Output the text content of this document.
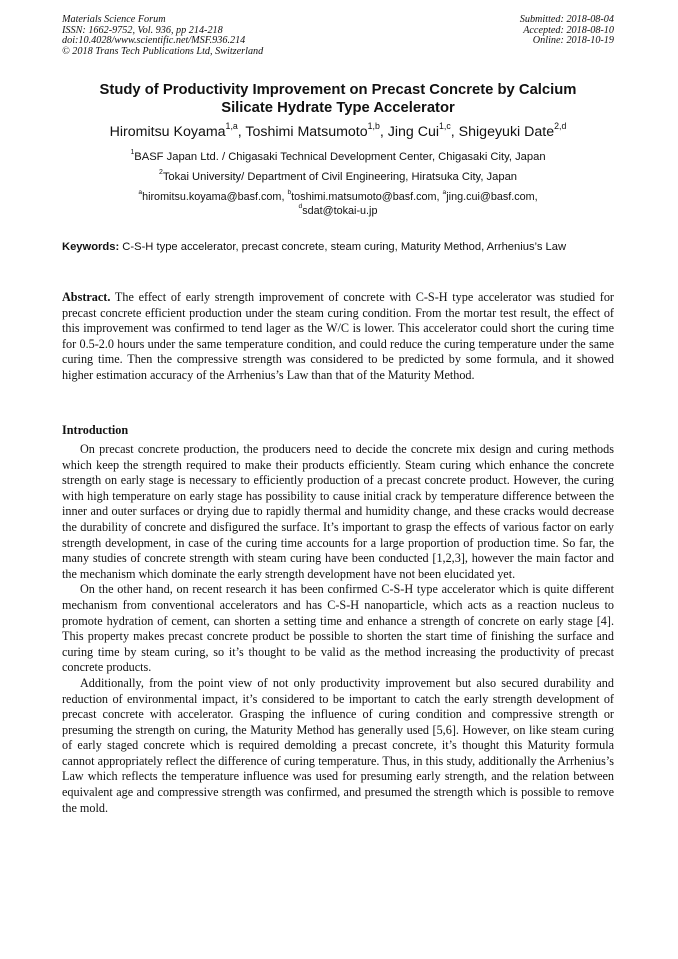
Materials Science Forum
ISSN: 1662-9752, Vol. 936, pp 214-218
doi:10.4028/www.scientific.net/MSF.936.214
© 2018 Trans Tech Publications Ltd, Switzerland
Submitted: 2018-08-04
Accepted: 2018-08-10
Online: 2018-10-19
Study of Productivity Improvement on Precast Concrete by Calcium
Silicate Hydrate Type Accelerator
Hiromitsu Koyama$^{1,a}$, Toshimi Matsumoto$^{1,b}$, Jing Cui$^{1,c}$, Shigeyuki Date$^{2,d}$
$^1$BASF Japan Ltd. / Chigasaki Technical Development Center, Chigasaki City, Japan
$^2$Tokai University/ Department of Civil Engineering, Hiratsuka City, Japan
$^a$hiromitsu.koyama@basf.com, $^b$toshimi.matsumoto@basf.com, $^a$jing.cui@basf.com,
$^d$sdat@tokai-u.jp
Keywords: C-S-H type accelerator, precast concrete, steam curing, Maturity Method, Arrhenius’s Law
Abstract. The effect of early strength improvement of concrete with C-S-H type accelerator was studied for precast concrete efficient production under the steam curing condition. From the mortar test result, the effect of this improvement was confirmed to tend lager as the W/C is lower. This accelerator could short the curing time for 0.5-2.0 hours under the same temperature condition, and could reduce the curing temperature under the same curing time. Then the compressive strength was considered to be predicted by some formula, and it showed higher estimation accuracy of the Arrhenius’s Law than that of the Maturity Method.
Introduction

On precast concrete production, the producers need to decide the concrete mix design and curing methods which keep the strength required to make their products efficiently. Steam curing which enhance the concrete strength on early stage is necessary to efficiently production of a precast concrete product. However, the curing with high temperature on early stage has possibility to cause initial crack by temperature difference between the inner and outer surfaces or drying due to rapidly thermal and humidity change, and these cracks would decrease the durability of concrete and disfigured the surface. It’s important to grasp the effects of various factor on early strength development, in case of the curing time accounts for a large proportion of production time. So far, the many studies of concrete strength with steam curing have been conducted [1,2,3], however the main factor and the mechanism which dominate the early strength development have not been elucidated yet.

On the other hand, on recent research it has been confirmed C-S-H type accelerator which is quite different mechanism from conventional accelerators and has C-S-H nanoparticle, which acts as a reaction nucleus to promote hydration of cement, can shorten a setting time and enhance a strength of concrete on early stage [4]. This property makes precast concrete product be possible to shorten the start time of finishing the surface and curing time by steam curing, so it’s thought to be valid as the method increasing the productivity of precast concrete products.

Additionally, from the point view of not only productivity improvement but also secured durability and reduction of environmental impact, it’s considered to be important to catch the early strength development of precast concrete with accelerator. Grasping the influence of curing condition and compressive strength or presuming the strength on curing, the Maturity Method has generally used [5,6]. However, on like steam curing of early staged concrete which is required demolding a precast concrete, it’s thought this Maturity formula cannot appropriately reflect the difference of curing temperature. Thus, in this study, additionally the Arrhenius’s Law which reflects the temperature influence was used for presuming early strength, and the relation between equivalent age and compressive strength was confirmed, and presumed the strength which is possible to remove the mold.
